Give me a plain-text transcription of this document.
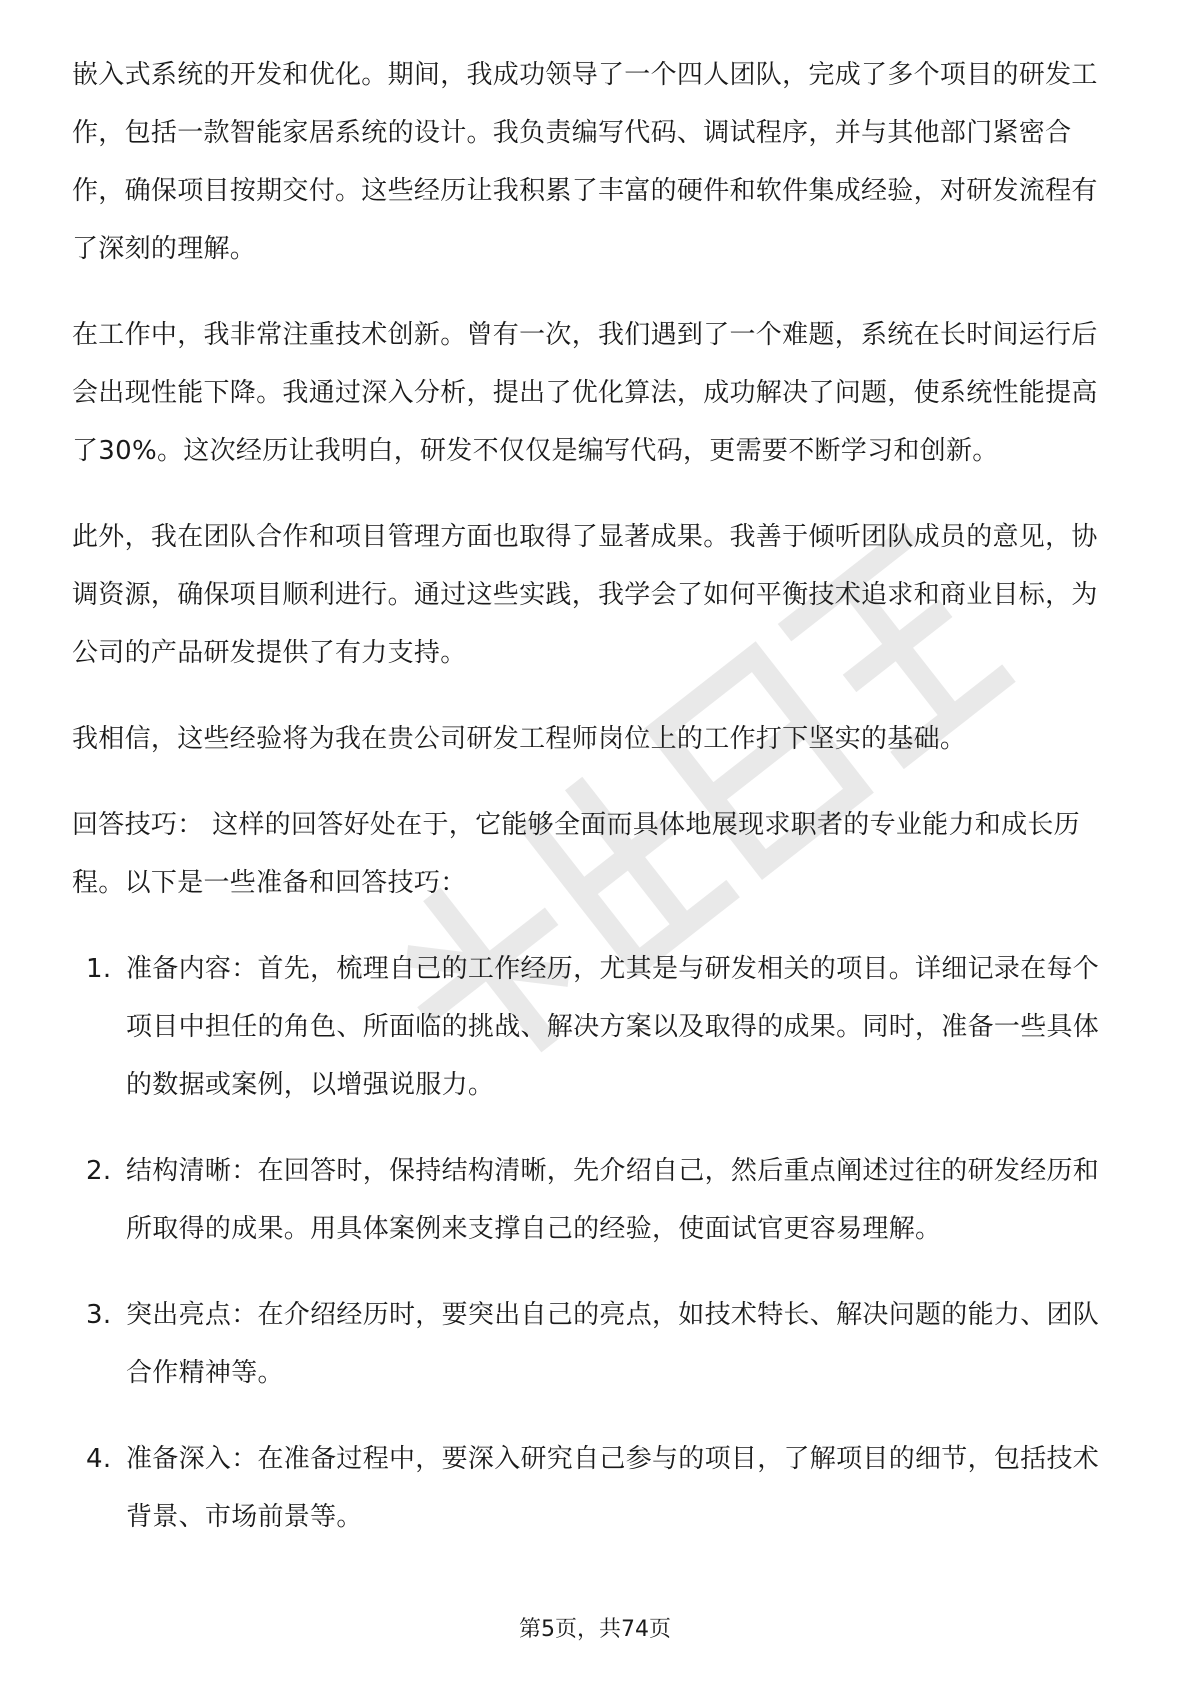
职业资讯

嵌入式系统的开发和优化。期间，我成功领导了一个四人团队，完成了多个项目的研发工作，包括一款智能家居系统的设计。我负责编写代码、调试程序，并与其他部门紧密合作，确保项目按期交付。这些经历让我积累了丰富的硬件和软件集成经验，对研发流程有了深刻的理解。

在工作中，我非常注重技术创新。曾有一次，我们遇到了一个难题，系统在长时间运行后会出现性能下降。我通过深入分析，提出了优化算法，成功解决了问题，使系统性能提高了30%。这次经历让我明白，研发不仅仅是编写代码，更需要不断学习和创新。

此外，我在团队合作和项目管理方面也取得了显著成果。我善于倾听团队成员的意见，协调资源，确保项目顺利进行。通过这些实践，我学会了如何平衡技术追求和商业目标，为公司的产品研发提供了有力支持。

我相信，这些经验将为我在贵公司研发工程师岗位上的工作打下坚实的基础。

回答技巧： 这样的回答好处在于，它能够全面而具体地展现求职者的专业能力和成长历程。以下是一些准备和回答技巧：

1. 准备内容：首先，梳理自己的工作经历，尤其是与研发相关的项目。详细记录在每个项目中担任的角色、所面临的挑战、解决方案以及取得的成果。同时，准备一些具体的数据或案例，以增强说服力。
2. 结构清晰：在回答时，保持结构清晰，先介绍自己，然后重点阐述过往的研发经历和所取得的成果。用具体案例来支撑自己的经验，使面试官更容易理解。
3. 突出亮点：在介绍经历时，要突出自己的亮点，如技术特长、解决问题的能力、团队合作精神等。
4. 准备深入：在准备过程中，要深入研究自己参与的项目，了解项目的细节，包括技术背景、市场前景等。
第5页，共74页
